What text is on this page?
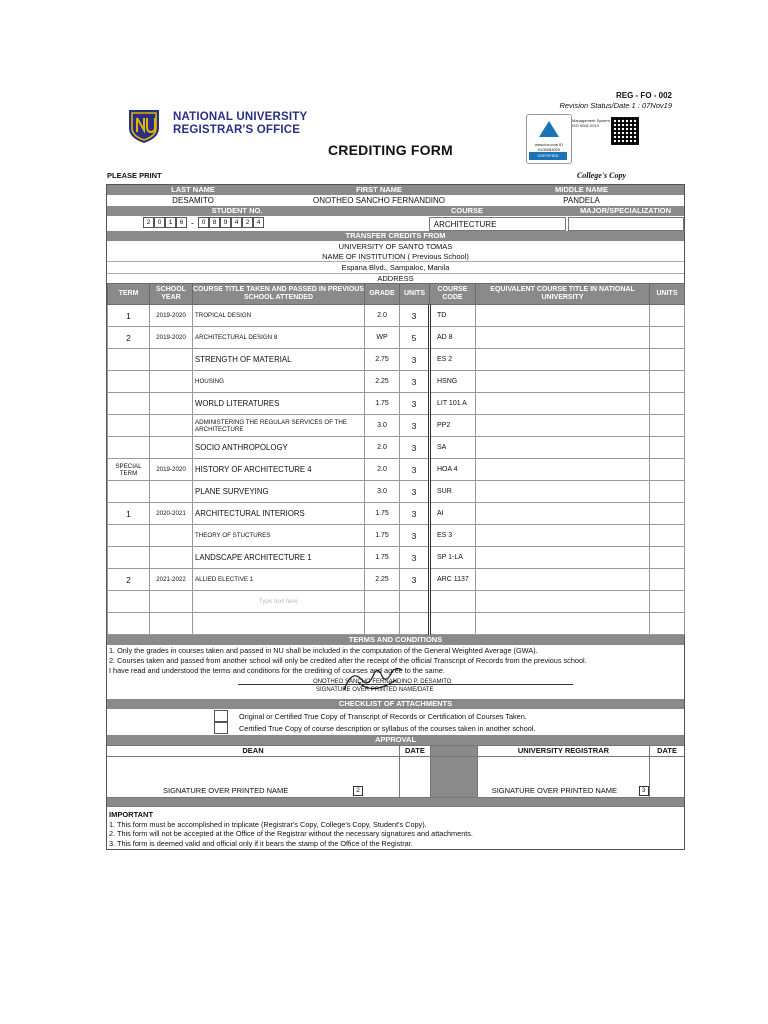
NATIONAL UNIVERSITY
REGISTRAR'S OFFICE
REG - FO - 002
Revision Status/Date 1 : 07Nov19
www.tuv.com ID 9105083020
CERTIFIED
Management System ISO 9001:2015
CREDITING FORM
PLEASE PRINT	College's Copy
LAST NAME	FIRST NAME	MIDDLE NAME
DESAMITO	ONOTHEO SANCHO FERNANDINO	PANDELA
STUDENT NO.	COURSE	MAJOR/SPECIALIZATION
2	0	1	6 -	0	8	9	4	2	4	ARCHITECTURE
TRANSFER CREDITS FROM
UNIVERSITY OF SANTO TOMAS
NAME OF INSTITUTION ( Previous School)
Espana Blvd., Sampaloc, Manila
ADDRESS
TERM	SCHOOL YEAR	COURSE TITLE TAKEN AND PASSED IN PREVIOUS SCHOOL ATTENDED	GRADE	UNITS	COURSE CODE	EQUIVALENT COURSE TITLE IN NATIONAL UNIVERSITY	UNITS
1	2019-2020	TROPICAL DESIGN	2.0	3	TD		
2	2019-2020	ARCHITECTURAL DESIGN 8	WP	5	AD 8		
		STRENGTH OF MATERIAL	2.75	3	ES 2		
		HOUSING	2.25	3	HSNG		
		WORLD LITERATURES	1.75	3	LIT 101 A		
		ADMINISTERING THE REGULAR SERVICES OF THE ARCHITECTURE	3.0	3	PP2		
		SOCIO ANTHROPOLOGY	2.0	3	SA		
SPECIAL TERM	2019-2020	HISTORY OF ARCHITECTURE 4	2.0	3	HOA 4		
		PLANE SURVEYING	3.0	3	SUR		
1	2020-2021	ARCHITECTURAL INTERIORS	1.75	3	AI		
		THEORY OF STUCTURES	1.75	3	ES 3		
		LANDSCAPE ARCHITECTURE 1	1.75	3	SP 1-LA		
2	2021-2022	ALLIED ELECTIVE 1	2.25	3	ARC 1137		
		Type text here					

TERMS AND CONDITIONS
1. Only the grades in courses taken and passed in NU shall be included in the computation of the General Weighted Average (GWA).
2. Courses taken and passed from another school will only be credited after the receipt of the official Transcript of Records from the previous school.
I have read and understood the terms and conditions for the crediting of courses and agree to the same.
ONOTHEO SANCHO FERNANDINO P. DESAMITO
SIGNATURE OVER PRINTED NAME/DATE
CHECKLIST OF ATTACHMENTS
Original or Certified True Copy of Transcript of Records or Certification of Courses Taken.
Certified True Copy of course description or syllabus of the courses taken in another school.
APPROVAL
DEAN	DATE	UNIVERSITY REGISTRAR	DATE
SIGNATURE OVER PRINTED NAME	2	SIGNATURE OVER PRINTED NAME	3
IMPORTANT
1. This form must be accomplished in triplicate (Registrar's Copy, College's Copy, Student's Copy).
2. This form will not be accepted at the Office of the Registrar without the necessary signatures and attachments.
3. This form is deemed valid and official only if it bears the stamp of the Office of the Registrar.
